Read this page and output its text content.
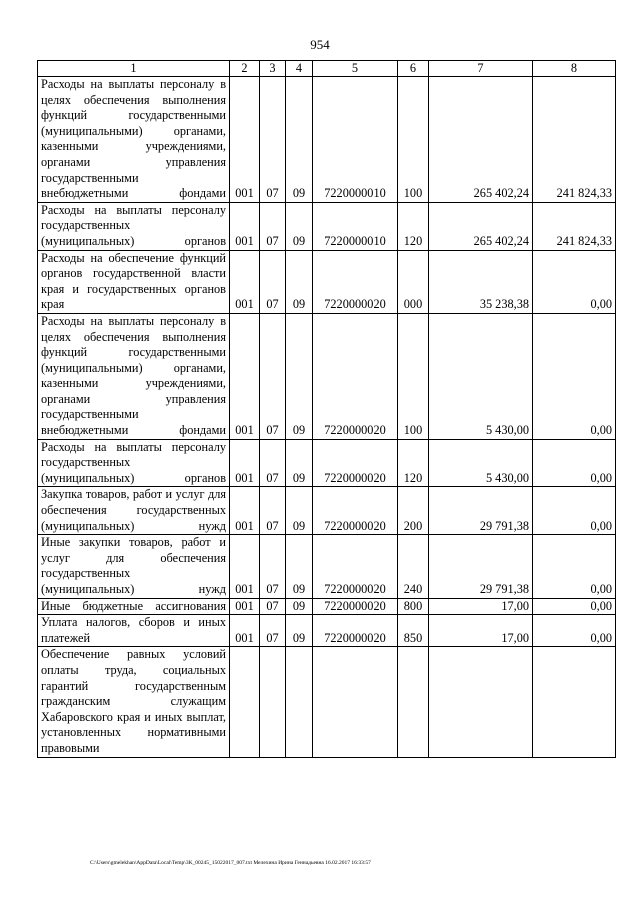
954
1	2	3	4	5	6	7	8
Расходы на выплаты персоналу в целях обеспечения выполнения функций государственными (муниципальными) органами, казенными учреждениями, органами управления государственными внебюджетными фондами	001	07	09	7220000010	100	265 402,24	241 824,33
Расходы на выплаты персоналу государственных (муниципальных) органов	001	07	09	7220000010	120	265 402,24	241 824,33
Расходы на обеспечение функций органов государственной власти края и государственных органов края	001	07	09	7220000020	000	35 238,38	0,00
Расходы на выплаты персоналу в целях обеспечения выполнения функций государственными (муниципальными) органами, казенными учреждениями, органами управления государственными внебюджетными фондами	001	07	09	7220000020	100	5 430,00	0,00
Расходы на выплаты персоналу государственных (муниципальных) органов	001	07	09	7220000020	120	5 430,00	0,00
Закупка товаров, работ и услуг для обеспечения государственных (муниципальных) нужд	001	07	09	7220000020	200	29 791,38	0,00
Иные закупки товаров, работ и услуг для обеспечения государственных (муниципальных) нужд	001	07	09	7220000020	240	29 791,38	0,00
Иные бюджетные ассигнования	001	07	09	7220000020	800	17,00	0,00
Уплата налогов, сборов и иных платежей	001	07	09	7220000020	850	17,00	0,00
Обеспечение равных условий оплаты труда, социальных гарантий государственным гражданским служащим Хабаровского края и иных выплат, установленных нормативными правовыми							
C:\Users\gmelekhan\AppData\Local\Temp\3K_00245_15022017_007.txt Мелехина Ирина Геннадьевна 16.02.2017 16:33:57
